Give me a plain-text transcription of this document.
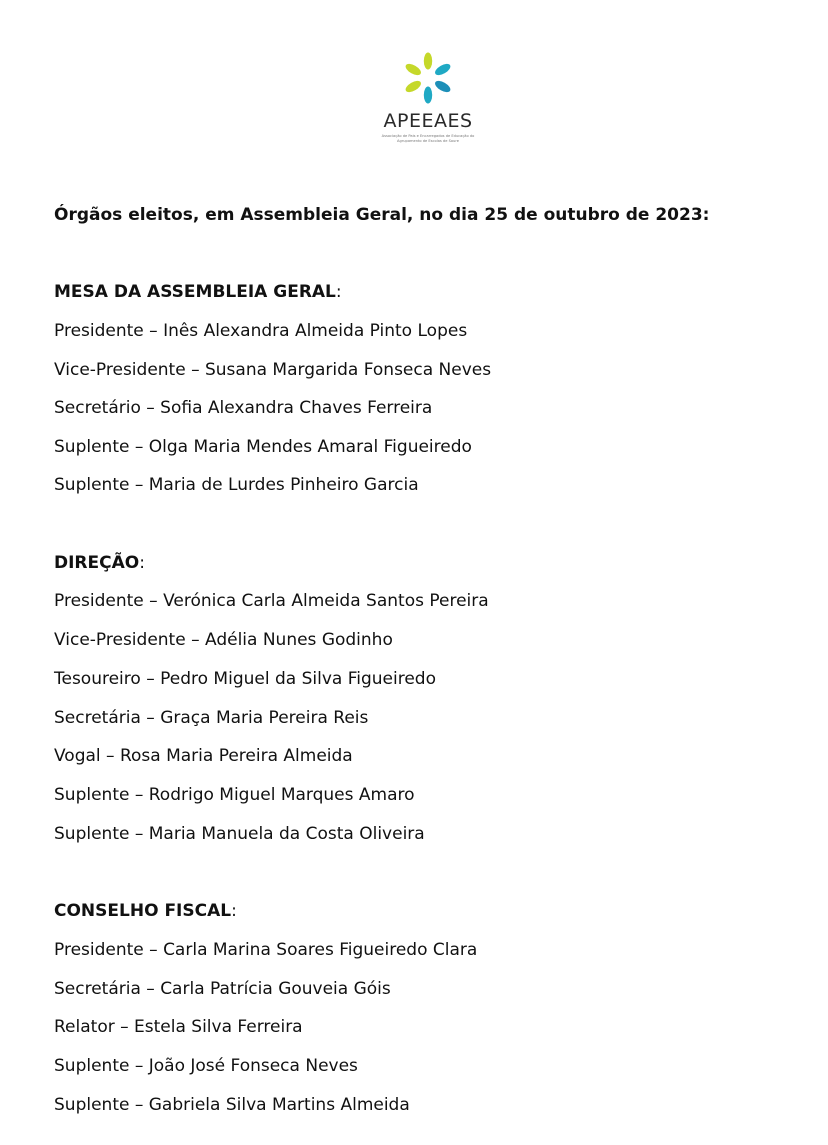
APEEAES
Associação de Pais e Encarregados de Educação do Agrupamento de Escolas de Soure
Órgãos eleitos, em Assembleia Geral, no dia 25 de outubro de 2023:
MESA DA ASSEMBLEIA GERAL:
Presidente – Inês Alexandra Almeida Pinto Lopes
Vice-Presidente – Susana Margarida Fonseca Neves
Secretário – Sofia Alexandra Chaves Ferreira
Suplente – Olga Maria Mendes Amaral Figueiredo
Suplente – Maria de Lurdes Pinheiro Garcia
DIREÇÃO:
Presidente – Verónica Carla Almeida Santos Pereira
Vice-Presidente – Adélia Nunes Godinho
Tesoureiro – Pedro Miguel da Silva Figueiredo
Secretária – Graça Maria Pereira Reis
Vogal – Rosa Maria Pereira Almeida
Suplente – Rodrigo Miguel Marques Amaro
Suplente – Maria Manuela da Costa Oliveira
CONSELHO FISCAL:
Presidente – Carla Marina Soares Figueiredo Clara
Secretária – Carla Patrícia Gouveia Góis
Relator – Estela Silva Ferreira
Suplente – João José Fonseca Neves
Suplente – Gabriela Silva Martins Almeida
